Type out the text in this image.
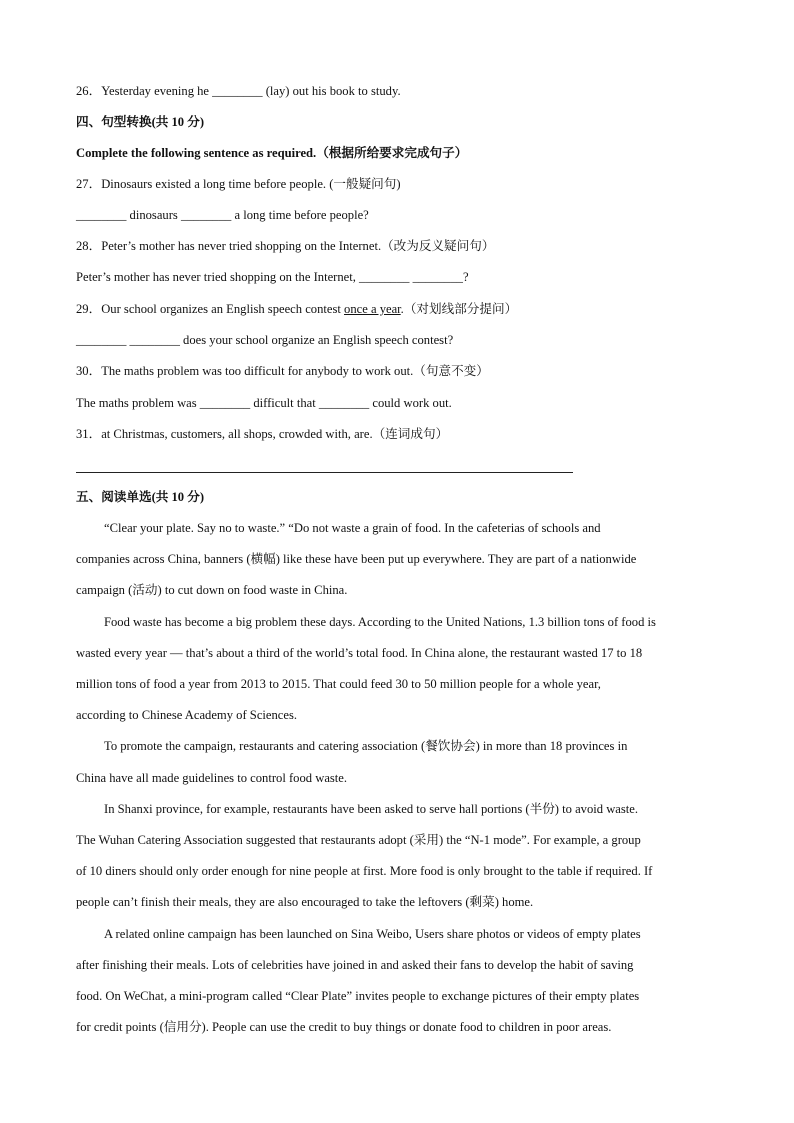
26．Yesterday evening he ________ (lay) out his book to study.
四、句型转换(共 10 分)
Complete the following sentence as required.（根据所给要求完成句子）
27．Dinosaurs existed a long time before people. (一般疑问句)
________ dinosaurs ________ a long time before people?
28．Peter’s mother has never tried shopping on the Internet.（改为反义疑问句）
Peter’s mother has never tried shopping on the Internet, ________ ________?
29．Our school organizes an English speech contest once a year.（对划线部分提问）
________ ________ does your school organize an English speech contest?
30．The maths problem was too difficult for anybody to work out.（句意不变）
The maths problem was ________ difficult that ________ could work out.
31．at Christmas, customers, all shops, crowded with, are.（连词成句）
五、阅读单选(共 10 分)
“Clear your plate. Say no to waste.” “Do not waste a grain of food. In the cafeterias of schools and
companies across China, banners (横幅) like these have been put up everywhere. They are part of a nationwide
campaign (活动) to cut down on food waste in China.
Food waste has become a big problem these days. According to the United Nations, 1.3 billion tons of food is
wasted every year — that’s about a third of the world’s total food. In China alone, the restaurant wasted 17 to 18
million tons of food a year from 2013 to 2015. That could feed 30 to 50 million people for a whole year,
according to Chinese Academy of Sciences.
To promote the campaign, restaurants and catering association (餐饮协会) in more than 18 provinces in
China have all made guidelines to control food waste.
In Shanxi province, for example, restaurants have been asked to serve hall portions (半份) to avoid waste.
The Wuhan Catering Association suggested that restaurants adopt (采用) the “N-1 mode”. For example, a group
of 10 diners should only order enough for nine people at first. More food is only brought to the table if required. If
people can’t finish their meals, they are also encouraged to take the leftovers (剩菜) home.
A related online campaign has been launched on Sina Weibo, Users share photos or videos of empty plates
after finishing their meals. Lots of celebrities have joined in and asked their fans to develop the habit of saving
food. On WeChat, a mini-program called “Clear Plate” invites people to exchange pictures of their empty plates
for credit points (信用分). People can use the credit to buy things or donate food to children in poor areas.
